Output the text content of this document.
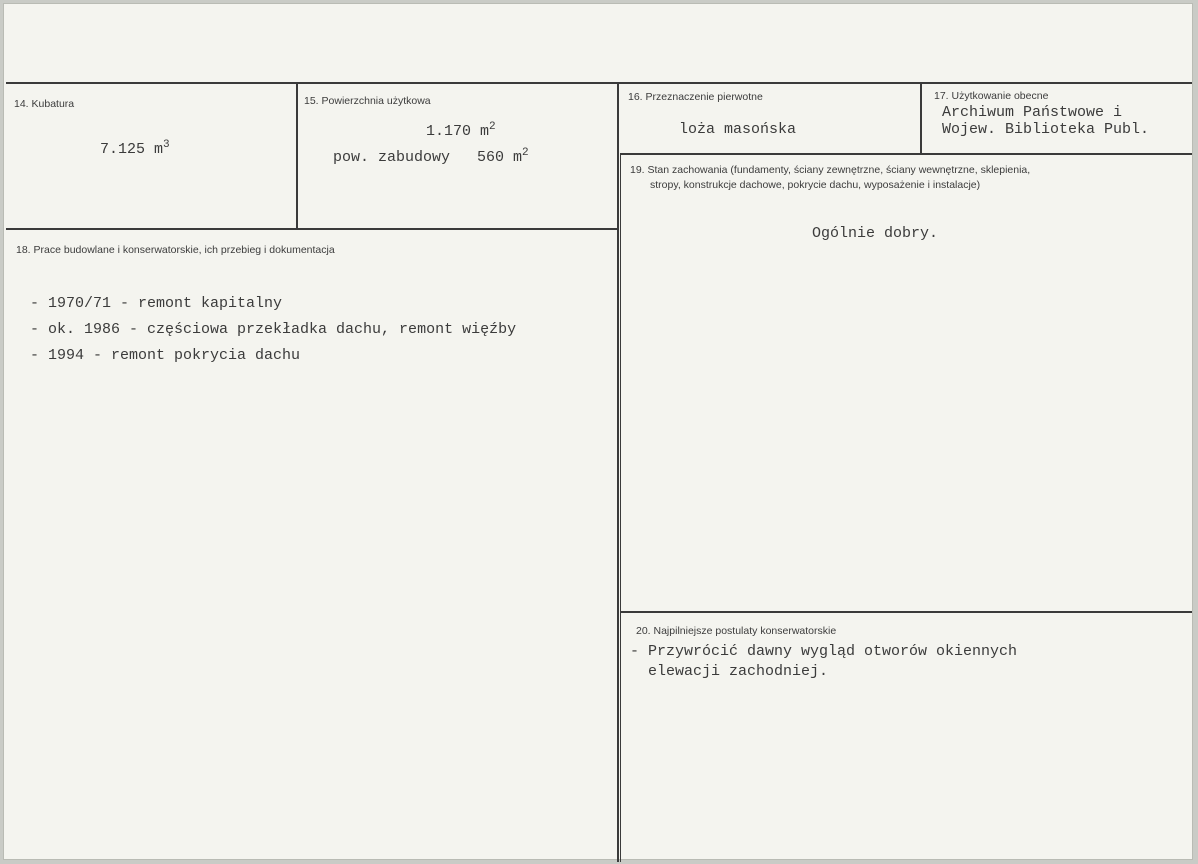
14. Kubatura
7.125 $m^3$
15. Powierzchnia użytkowa
1.170 $m^2$
pow. zabudowy   560 $m^2$
16. Przeznaczenie pierwotne
loża masońska
17. Użytkowanie obecne
Archiwum Państwowe i
Wojew. Biblioteka Publ.
18. Prace budowlane i konserwatorskie, ich przebieg i dokumentacja
- 1970/71 - remont kapitalny
- ok. 1986 - częściowa przekładka dachu, remont więźby
- 1994 - remont pokrycia dachu
19. Stan zachowania (fundamenty, ściany zewnętrzne, ściany wewnętrzne, sklepienia,
stropy, konstrukcje dachowe, pokrycie dachu, wyposażenie i instalacje)
Ogólnie dobry.
20. Najpilniejsze postulaty konserwatorskie
- Przywrócić dawny wygląd otworów okiennych
elewacji zachodniej.
